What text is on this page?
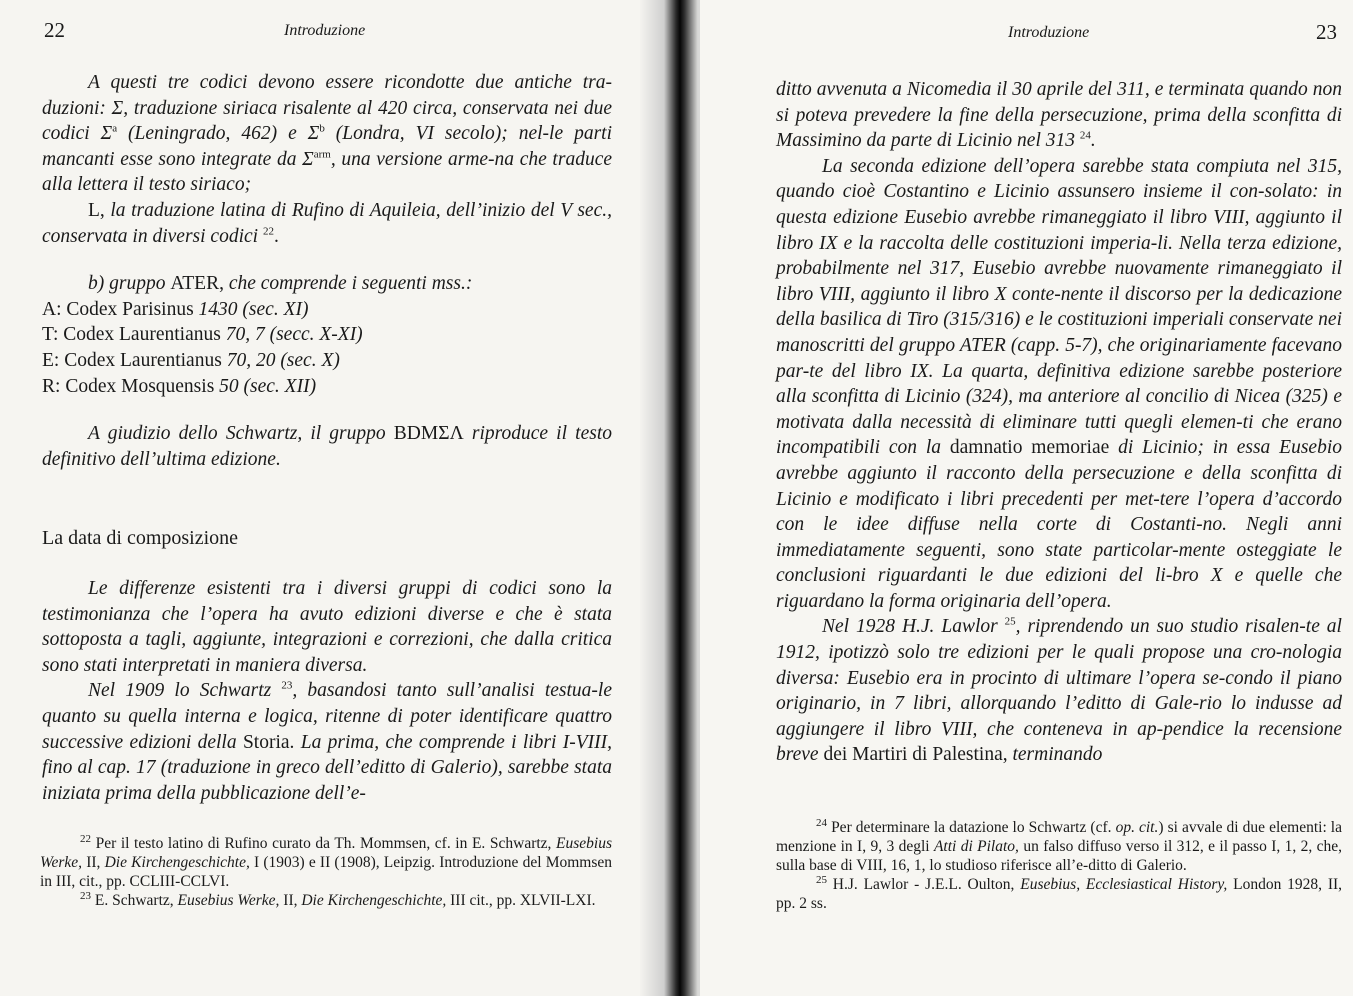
22	Introduzione

A questi tre codici devono essere ricondotte due antiche tra-duzioni: Σ, traduzione siriaca risalente al 420 circa, conservata nei due codici $\Sigma^a$ (Leningrado, 462) e $\Sigma^b$ (Londra, VI secolo); nel-le parti mancanti esse sono integrate da $\Sigma^{arm}$, una versione arme-na che traduce alla lettera il testo siriaco;

L, la traduzione latina di Rufino di Aquileia, dell’inizio del V sec., conservata in diversi codici $^{22}$.

b) gruppo ATER, che comprende i seguenti mss.:

A: Codex Parisinus 1430 (sec. XI)

T: Codex Laurentianus 70, 7 (secc. X-XI)

E: Codex Laurentianus 70, 20 (sec. X)

R: Codex Mosquensis 50 (sec. XII)

A giudizio dello Schwartz, il gruppo BDMΣΛ riproduce il testo definitivo dell’ultima edizione.

La data di composizione

Le differenze esistenti tra i diversi gruppi di codici sono la testimonianza che l’opera ha avuto edizioni diverse e che è stata sottoposta a tagli, aggiunte, integrazioni e correzioni, che dalla critica sono stati interpretati in maniera diversa.

Nel 1909 lo Schwartz $^{23}$, basandosi tanto sull’analisi testua-le quanto su quella interna e logica, ritenne di poter identificare quattro successive edizioni della Storia. La prima, che comprende i libri I-VIII, fino al cap. 17 (traduzione in greco dell’editto di Galerio), sarebbe stata iniziata prima della pubblicazione dell’e-

$^{22}$ Per il testo latino di Rufino curato da Th. Mommsen, cf. in E. Schwartz, Eusebius Werke, II, Die Kirchengeschichte, I (1903) e II (1908), Leipzig. Introduzione del Mommsen in III, cit., pp. CCLIII-CCLVI.

$^{23}$ E. Schwartz, Eusebius Werke, II, Die Kirchengeschichte, III cit., pp. XLVII-LXI.

Introduzione	23

ditto avvenuta a Nicomedia il 30 aprile del 311, e terminata quando non si poteva prevedere la fine della persecuzione, prima della sconfitta di Massimino da parte di Licinio nel 313 $^{24}$.

La seconda edizione dell’opera sarebbe stata compiuta nel 315, quando cioè Costantino e Licinio assunsero insieme il con-solato: in questa edizione Eusebio avrebbe rimaneggiato il libro VIII, aggiunto il libro IX e la raccolta delle costituzioni imperia-li. Nella terza edizione, probabilmente nel 317, Eusebio avrebbe nuovamente rimaneggiato il libro VIII, aggiunto il libro X conte-nente il discorso per la dedicazione della basilica di Tiro (315/316) e le costituzioni imperiali conservate nei manoscritti del gruppo ATER (capp. 5-7), che originariamente facevano par-te del libro IX. La quarta, definitiva edizione sarebbe posteriore alla sconfitta di Licinio (324), ma anteriore al concilio di Nicea (325) e motivata dalla necessità di eliminare tutti quegli elemen-ti che erano incompatibili con la damnatio memoriae di Licinio; in essa Eusebio avrebbe aggiunto il racconto della persecuzione e della sconfitta di Licinio e modificato i libri precedenti per met-tere l’opera d’accordo con le idee diffuse nella corte di Costanti-no. Negli anni immediatamente seguenti, sono state particolar-mente osteggiate le conclusioni riguardanti le due edizioni del li-bro X e quelle che riguardano la forma originaria dell’opera.

Nel 1928 H.J. Lawlor $^{25}$, riprendendo un suo studio risalen-te al 1912, ipotizzò solo tre edizioni per le quali propose una cro-nologia diversa: Eusebio era in procinto di ultimare l’opera se-condo il piano originario, in 7 libri, allorquando l’editto di Gale-rio lo indusse ad aggiungere il libro VIII, che conteneva in ap-pendice la recensione breve dei Martiri di Palestina, terminando

$^{24}$ Per determinare la datazione lo Schwartz (cf. op. cit.) si avvale di due elementi: la menzione in I, 9, 3 degli Atti di Pilato, un falso diffuso verso il 312, e il passo I, 1, 2, che, sulla base di VIII, 16, 1, lo studioso riferisce all’e-ditto di Galerio.

$^{25}$ H.J. Lawlor - J.E.L. Oulton, Eusebius, Ecclesiastical History, London 1928, II, pp. 2 ss.
